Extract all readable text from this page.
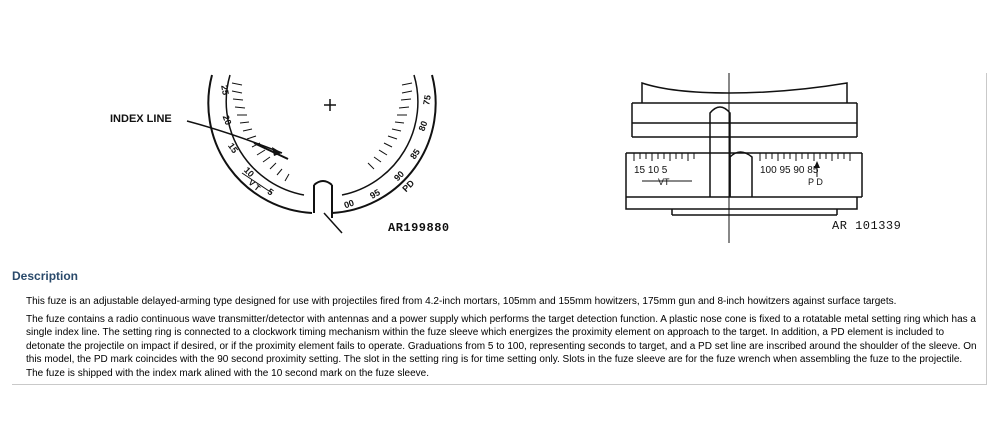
INDEX LINE
25
20
15
10
5
V T
75
80
85
90
95
00
PD
AR199880
15 10 5	100 95 90 85
VT	P D
AR 101339
Description

This fuze is an adjustable delayed-arming type designed for use with projectiles fired from 4.2-inch mortars, 105mm and 155mm howitzers, 175mm gun and 8-inch howitzers against surface targets.

The fuze contains a radio continuous wave transmitter/detector with antennas and a power supply which performs the target detection function. A plastic nose cone is fixed to a rotatable metal setting ring which has a single index line. The setting ring is connected to a clockwork timing mechanism within the fuze sleeve which energizes the proximity element on approach to the target. In addition, a PD element is included to detonate the projectile on impact if desired, or if the proximity element fails to operate. Graduations from 5 to 100, representing seconds to target, and a PD set line are inscribed around the shoulder of the sleeve. On this model, the PD mark coincides with the 90 second proximity setting. The slot in the setting ring is for time setting only. Slots in the fuze sleeve are for the fuze wrench when assembling the fuze to the projectile. The fuze is shipped with the index mark alined with the 10 second mark on the fuze sleeve.
